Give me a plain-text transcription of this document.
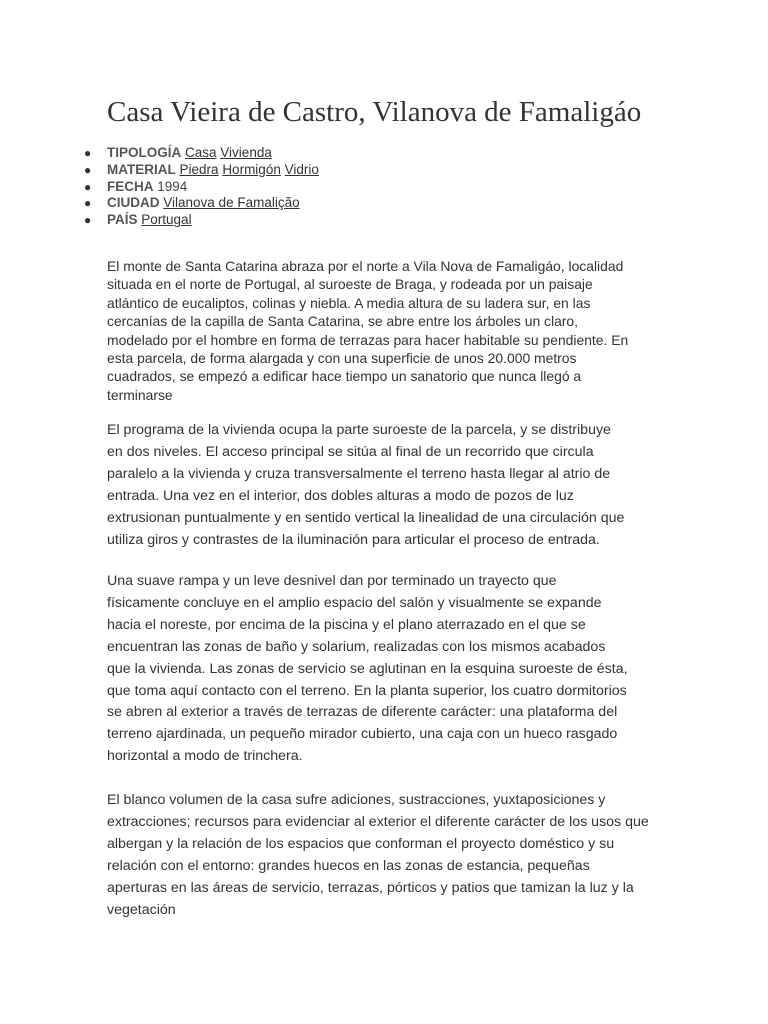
Casa Vieira de Castro, Vilanova de Famaligáo
● TIPOLOGÍA Casa Vivienda
● MATERIAL Piedra Hormigón Vidrio
● FECHA 1994
● CIUDAD Vilanova de Famalição
● PAÍS Portugal

El monte de Santa Catarina abraza por el norte a Vila Nova de Famaligáo, localidad
situada en el norte de Portugal, al suroeste de Braga, y rodeada por un paisaje
atlántico de eucaliptos, colinas y niebla. A media altura de su ladera sur, en las
cercanías de la capilla de Santa Catarina, se abre entre los árboles un claro,
modelado por el hombre en forma de terrazas para hacer habitable su pendiente. En
esta parcela, de forma alargada y con una superficie de unos 20.000 metros
cuadrados, se empezó a edificar hace tiempo un sanatorio que nunca llegó a
terminarse

El programa de la vivienda ocupa la parte suroeste de la parcela, y se distribuye
en dos niveles. El acceso principal se sitúa al final de un recorrido que circula
paralelo a la vivienda y cruza transversalmente el terreno hasta llegar al atrio de
entrada. Una vez en el interior, dos dobles alturas a modo de pozos de luz
extrusionan puntualmente y en sentido vertical la linealidad de una circulación que
utiliza giros y contrastes de la iluminación para articular el proceso de entrada.

Una suave rampa y un leve desnivel dan por terminado un trayecto que
físicamente concluye en el amplio espacio del salón y visualmente se expande
hacia el noreste, por encima de la piscina y el plano aterrazado en el que se
encuentran las zonas de baño y solarium, realizadas con los mismos acabados
que la vivienda. Las zonas de servicio se aglutinan en la esquina suroeste de ésta,
que toma aquí contacto con el terreno. En la planta superior, los cuatro dormitorios
se abren al exterior a través de terrazas de diferente carácter: una plataforma del
terreno ajardinada, un pequeño mirador cubierto, una caja con un hueco rasgado
horizontal a modo de trinchera.

El blanco volumen de la casa sufre adiciones, sustracciones, yuxtaposiciones y
extracciones; recursos para evidenciar al exterior el diferente carácter de los usos que
albergan y la relación de los espacios que conforman el proyecto doméstico y su
relación con el entorno: grandes huecos en las zonas de estancia, pequeñas
aperturas en las áreas de servicio, terrazas, pórticos y patios que tamizan la luz y la
vegetación
